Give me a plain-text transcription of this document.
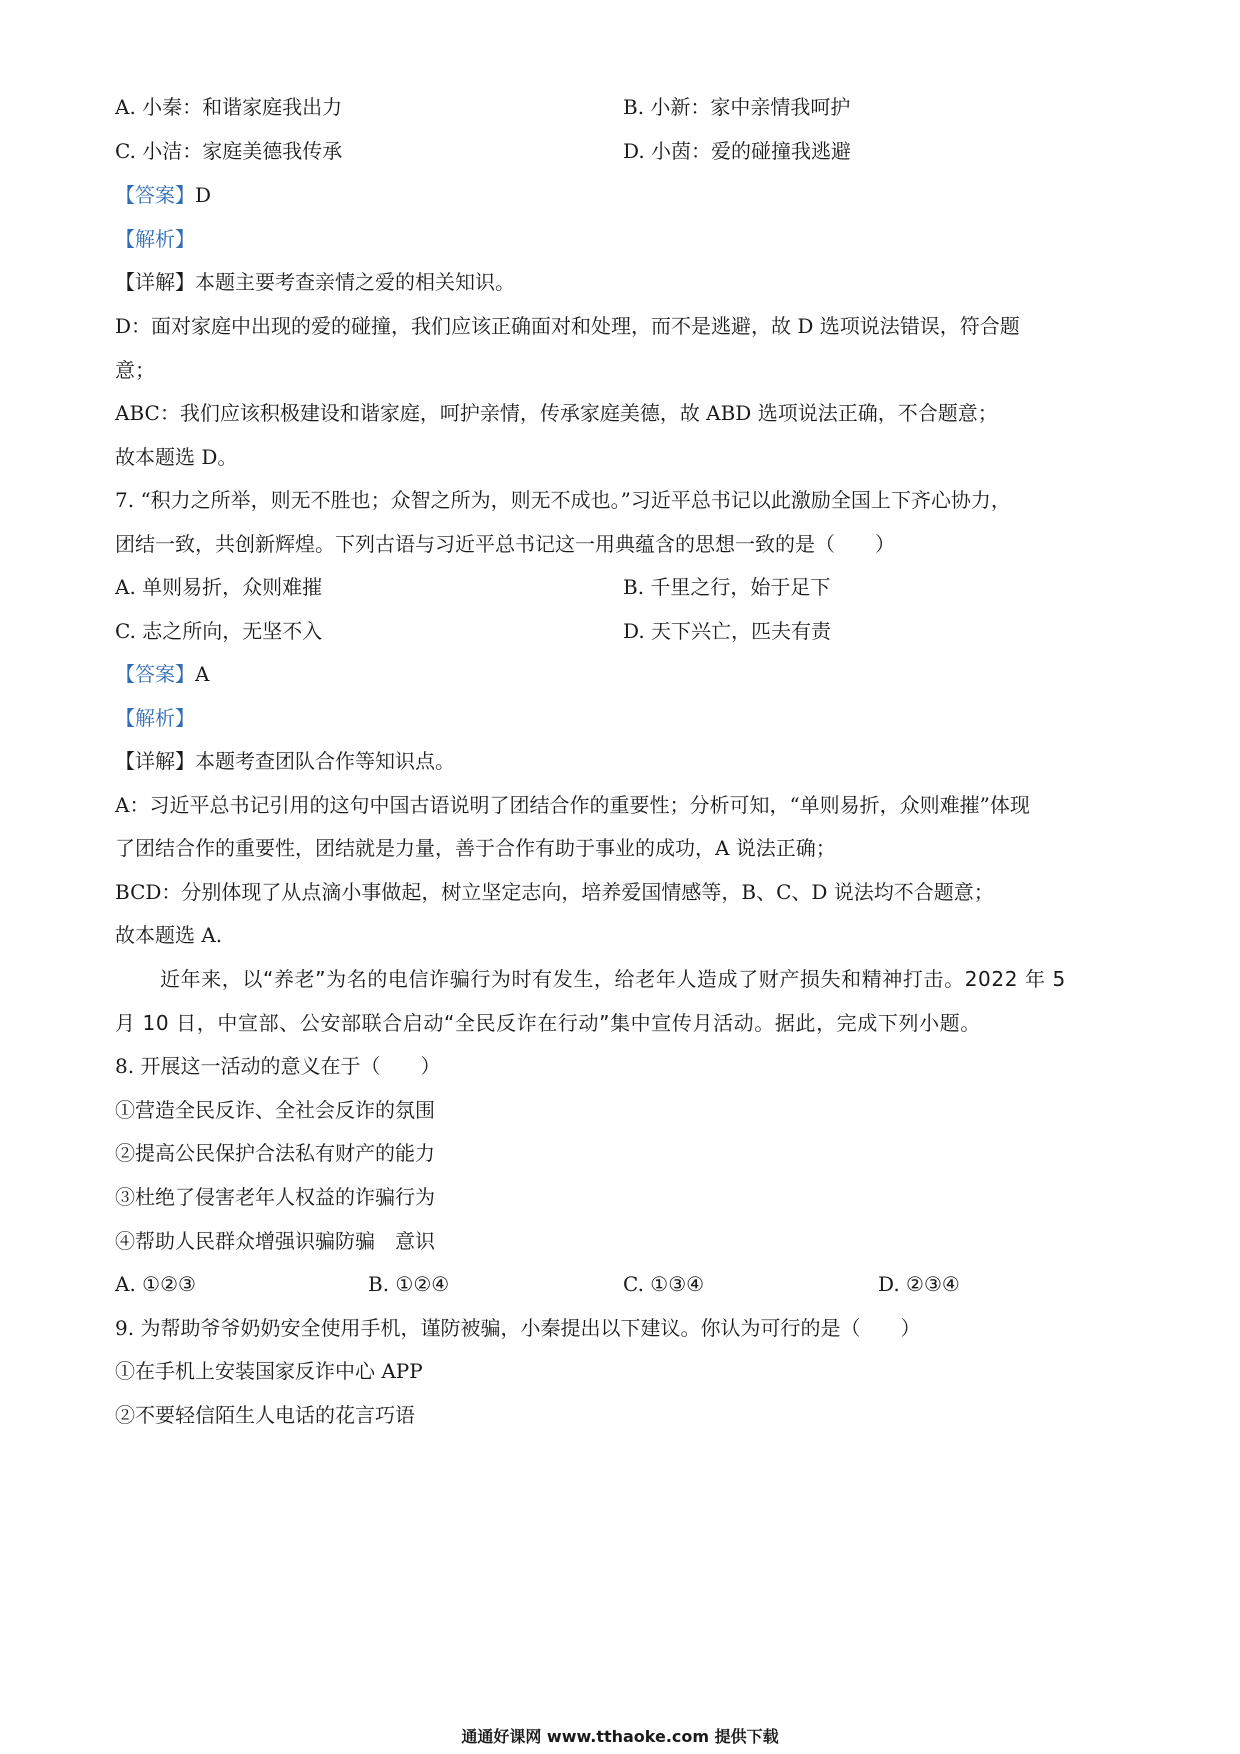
A. 小秦：和谐家庭我出力	B. 小新：家中亲情我呵护
C. 小洁：家庭美德我传承	D. 小茵：爱的碰撞我逃避
【答案】D
【解析】
【详解】本题主要考查亲情之爱的相关知识。
D：面对家庭中出现的爱的碰撞，我们应该正确面对和处理，而不是逃避，故 D 选项说法错误，符合题
意；
ABC：我们应该积极建设和谐家庭，呵护亲情，传承家庭美德，故 ABD 选项说法正确，不合题意；
故本题选 D。
7. “积力之所举，则无不胜也；众智之所为，则无不成也。”习近平总书记以此激励全国上下齐心协力，
团结一致，共创新辉煌。下列古语与习近平总书记这一用典蕴含的思想一致的是（　　）
A. 单则易折，众则难摧	B. 千里之行，始于足下
C. 志之所向，无坚不入	D. 天下兴亡，匹夫有责
【答案】A
【解析】
【详解】本题考查团队合作等知识点。
A：习近平总书记引用的这句中国古语说明了团结合作的重要性；分析可知，“单则易折，众则难摧”体现
了团结合作的重要性，团结就是力量，善于合作有助于事业的成功，A 说法正确；
BCD：分别体现了从点滴小事做起，树立坚定志向，培养爱国情感等，B、C、D 说法均不合题意；
故本题选 A.
近年来，以“养老”为名的电信诈骗行为时有发生，给老年人造成了财产损失和精神打击。2022 年 5
月 10 日，中宣部、公安部联合启动“全民反诈在行动”集中宣传月活动。据此，完成下列小题。
8. 开展这一活动的意义在于（　　）
①营造全民反诈、全社会反诈的氛围
②提高公民保护合法私有财产的能力
③杜绝了侵害老年人权益的诈骗行为
④帮助人民群众增强识骗防骗　意识
A. ①②③	B. ①②④	C. ①③④	D. ②③④
9. 为帮助爷爷奶奶安全使用手机，谨防被骗，小秦提出以下建议。你认为可行的是（　　）
①在手机上安装国家反诈中心 APP
②不要轻信陌生人电话的花言巧语
通通好课网 www.tthaoke.com 提供下载
